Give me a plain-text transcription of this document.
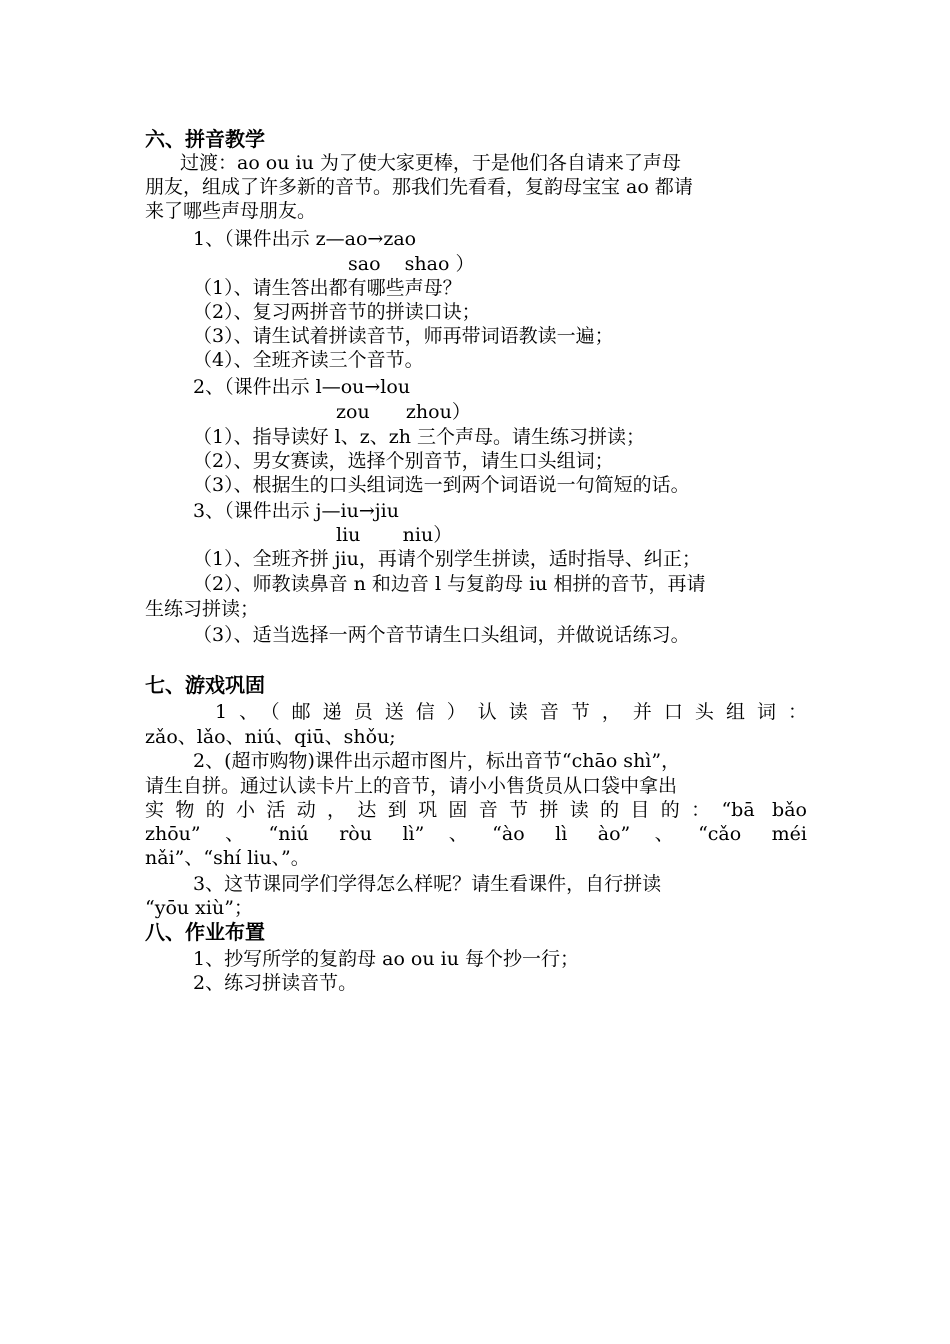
六、拼音教学
过渡：ao ou iu 为了使大家更棒，于是他们各自请来了声母
朋友，组成了许多新的音节。那我们先看看，复韵母宝宝 ao 都请
来了哪些声母朋友。
1、（课件出示 z—ao→zao
sao    shao ）
（1）、请生答出都有哪些声母？
（2）、复习两拼音节的拼读口诀；
（3）、请生试着拼读音节，师再带词语教读一遍；
（4）、全班齐读三个音节。
2、（课件出示 l—ou→lou
zou      zhou）
（1）、指导读好 l、z、zh 三个声母。请生练习拼读；
（2）、男女赛读，选择个别音节，请生口头组词；
（3）、根据生的口头组词选一到两个词语说一句简短的话。
3、（课件出示 j—iu→jiu
liu       niu）
（1）、全班齐拼 jiu，再请个别学生拼读，适时指导、纠正；
（2）、师教读鼻音 n 和边音 l 与复韵母 iu 相拼的音节，再请
生练习拼读；
（3）、适当选择一两个音节请生口头组词，并做说话练习。
七、游戏巩固
1、（邮递员送信）认读音节，并口头组词：
zǎo、lǎo、niú、qiū、shǒu;
2、(超市购物)课件出示超市图片，标出音节“chāo shì”，
请生自拼。通过认读卡片上的音节，请小小售货员从口袋中拿出
实物的小活动，达到巩固音节拼读的目的：“bā bǎo
zhōu”、“niú ròu lì”、“ào lì ào”、“cǎo méi
nǎi”、“shí liu、”。
3、这节课同学们学得怎么样呢？请生看课件，自行拼读
“yōu xiù”；
八、作业布置
1、抄写所学的复韵母 ao ou iu 每个抄一行；
2、练习拼读音节。
